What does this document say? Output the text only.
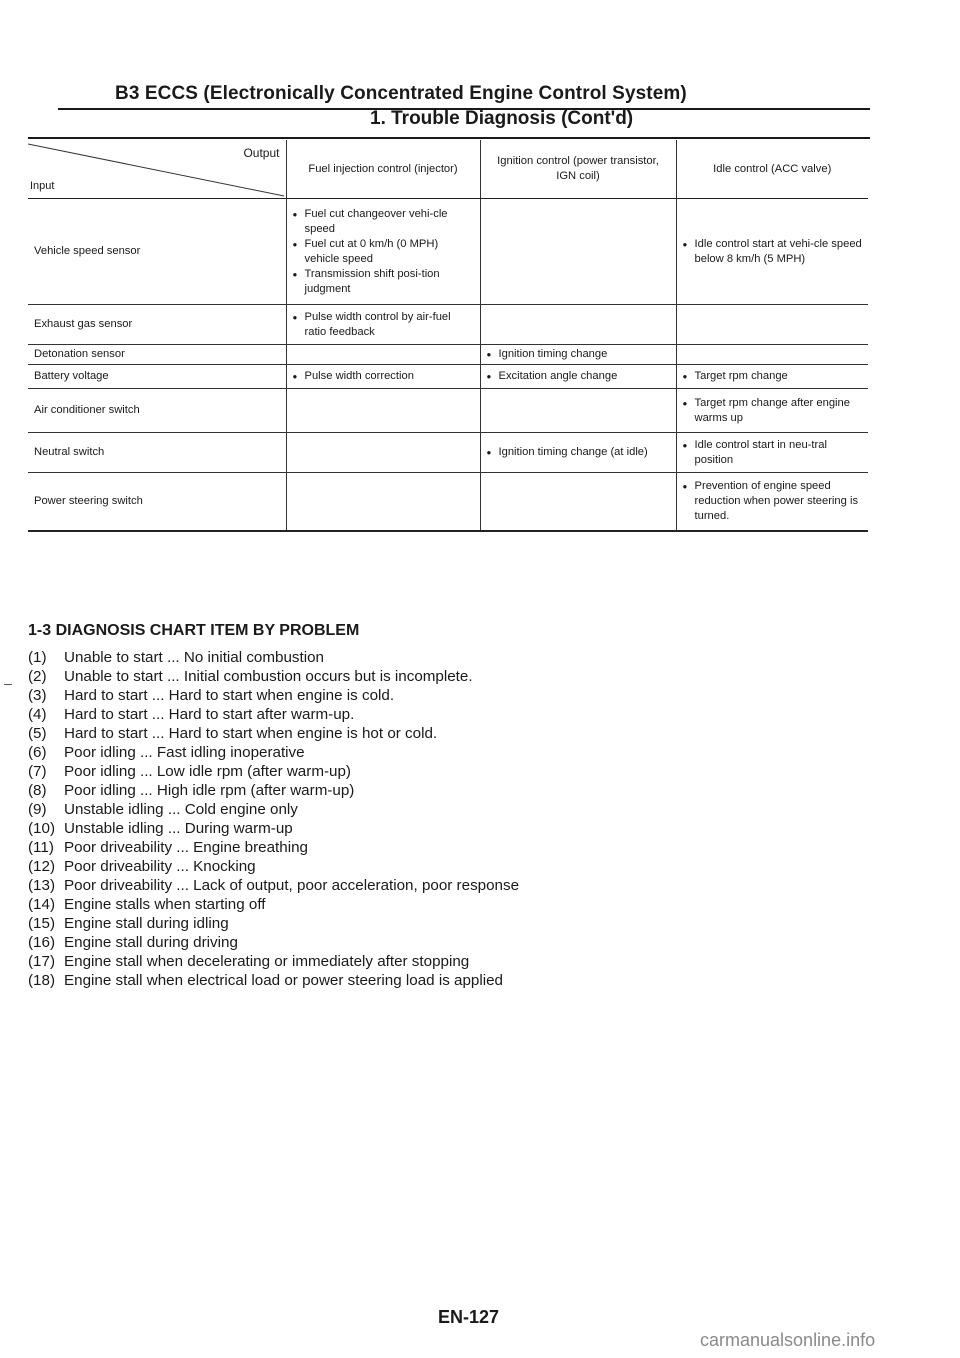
B3 ECCS (Electronically Concentrated Engine Control System)
1. Trouble Diagnosis (Cont'd)
Output
Input	Fuel injection control (injector)	Ignition control (power transistor, IGN coil)	Idle control (ACC valve)
Vehicle speed sensor	● Fuel cut changeover vehi-cle speed
● Fuel cut at 0 km/h (0 MPH) vehicle speed
● Transmission shift posi-tion judgment		● Idle control start at vehi-cle speed below 8 km/h (5 MPH)

Exhaust gas sensor	● Pulse width control by air-fuel ratio feedback

Detonation sensor		● Ignition timing change

Battery voltage	● Pulse width correction	● Excitation angle change	● Target rpm change

Air conditioner switch			● Target rpm change after engine warms up

Neutral switch		● Ignition timing change (at idle)	● Idle control start in neu-tral position

Power steering switch			● Prevention of engine speed reduction when power steering is turned.
1-3 DIAGNOSIS CHART ITEM BY PROBLEM
(1) Unable to start ... No initial combustion
(2) Unable to start ... Initial combustion occurs but is incomplete.
(3) Hard to start ... Hard to start when engine is cold.
(4) Hard to start ... Hard to start after warm-up.
(5) Hard to start ... Hard to start when engine is hot or cold.
(6) Poor idling ... Fast idling inoperative
(7) Poor idling ... Low idle rpm (after warm-up)
(8) Poor idling ... High idle rpm (after warm-up)
(9) Unstable idling ... Cold engine only
(10) Unstable idling ... During warm-up
(11) Poor driveability ... Engine breathing
(12) Poor driveability ... Knocking
(13) Poor driveability ... Lack of output, poor acceleration, poor response
(14) Engine stalls when starting off
(15) Engine stall during idling
(16) Engine stall during driving
(17) Engine stall when decelerating or immediately after stopping
(18) Engine stall when electrical load or power steering load is applied
EN-127
carmanualsonline.info
